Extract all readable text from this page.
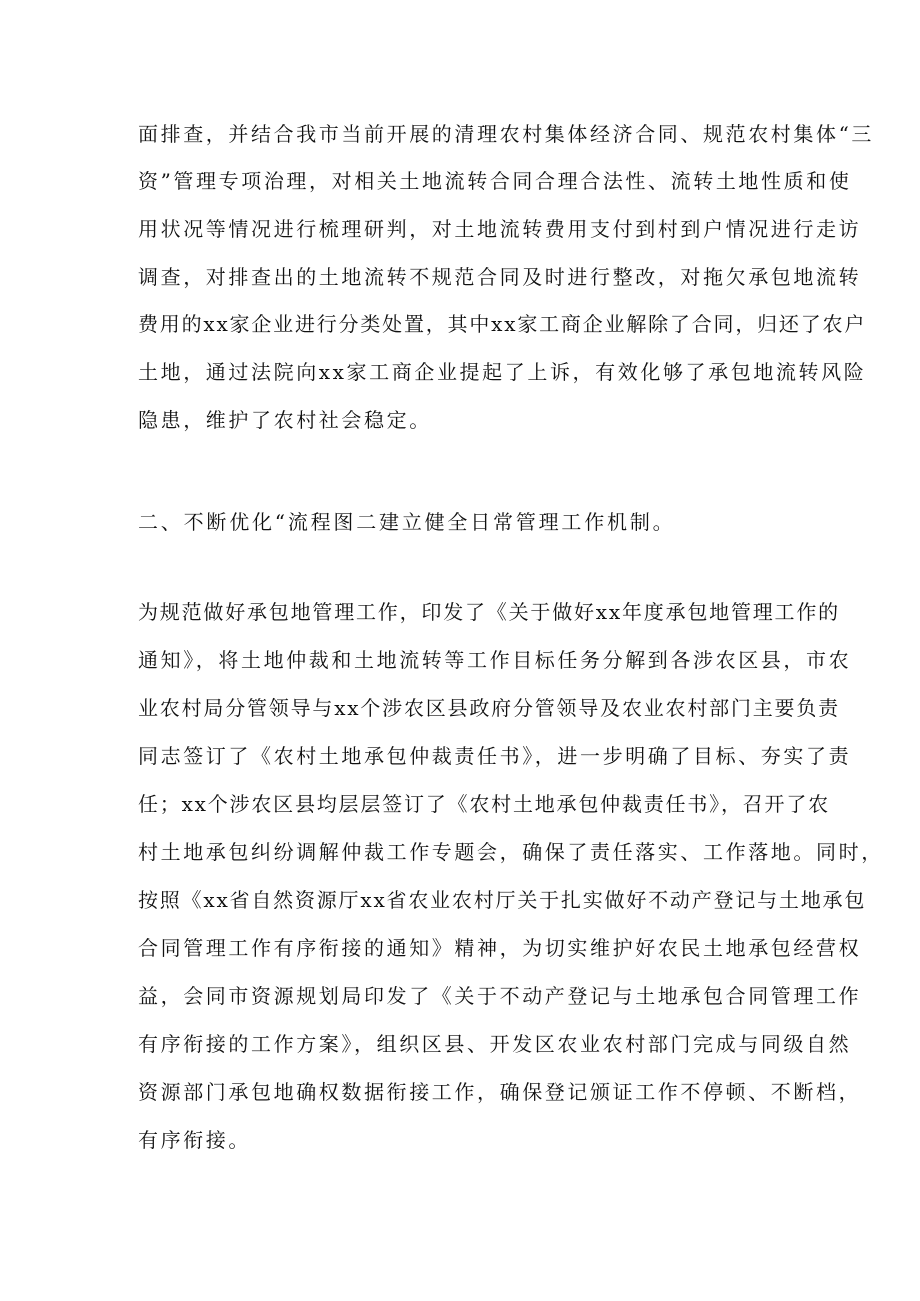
面排查，并结合我市当前开展的清理农村集体经济合同、规范农村集体“三

资”管理专项治理，对相关土地流转合同合理合法性、流转土地性质和使

用状况等情况进行梳理研判，对土地流转费用支付到村到户情况进行走访

调查，对排查出的土地流转不规范合同及时进行整改，对拖欠承包地流转

费用的xx家企业进行分类处置，其中xx家工商企业解除了合同，归还了农户

土地，通过法院向xx家工商企业提起了上诉，有效化够了承包地流转风险

隐患，维护了农村社会稳定。

二、不断优化“流程图二建立健全日常管理工作机制。

为规范做好承包地管理工作，印发了《关于做好xx年度承包地管理工作的

通知》，将土地仲裁和土地流转等工作目标任务分解到各涉农区县，市农

业农村局分管领导与xx个涉农区县政府分管领导及农业农村部门主要负责

同志签订了《农村土地承包仲裁责任书》，进一步明确了目标、夯实了责

任；xx个涉农区县均层层签订了《农村土地承包仲裁责任书》，召开了农

村土地承包纠纷调解仲裁工作专题会，确保了责任落实、工作落地。同时，

按照《xx省自然资源厅xx省农业农村厅关于扎实做好不动产登记与土地承包

合同管理工作有序衔接的通知》精神，为切实维护好农民土地承包经营权

益，会同市资源规划局印发了《关于不动产登记与土地承包合同管理工作

有序衔接的工作方案》，组织区县、开发区农业农村部门完成与同级自然

资源部门承包地确权数据衔接工作，确保登记颁证工作不停顿、不断档，

有序衔接。
